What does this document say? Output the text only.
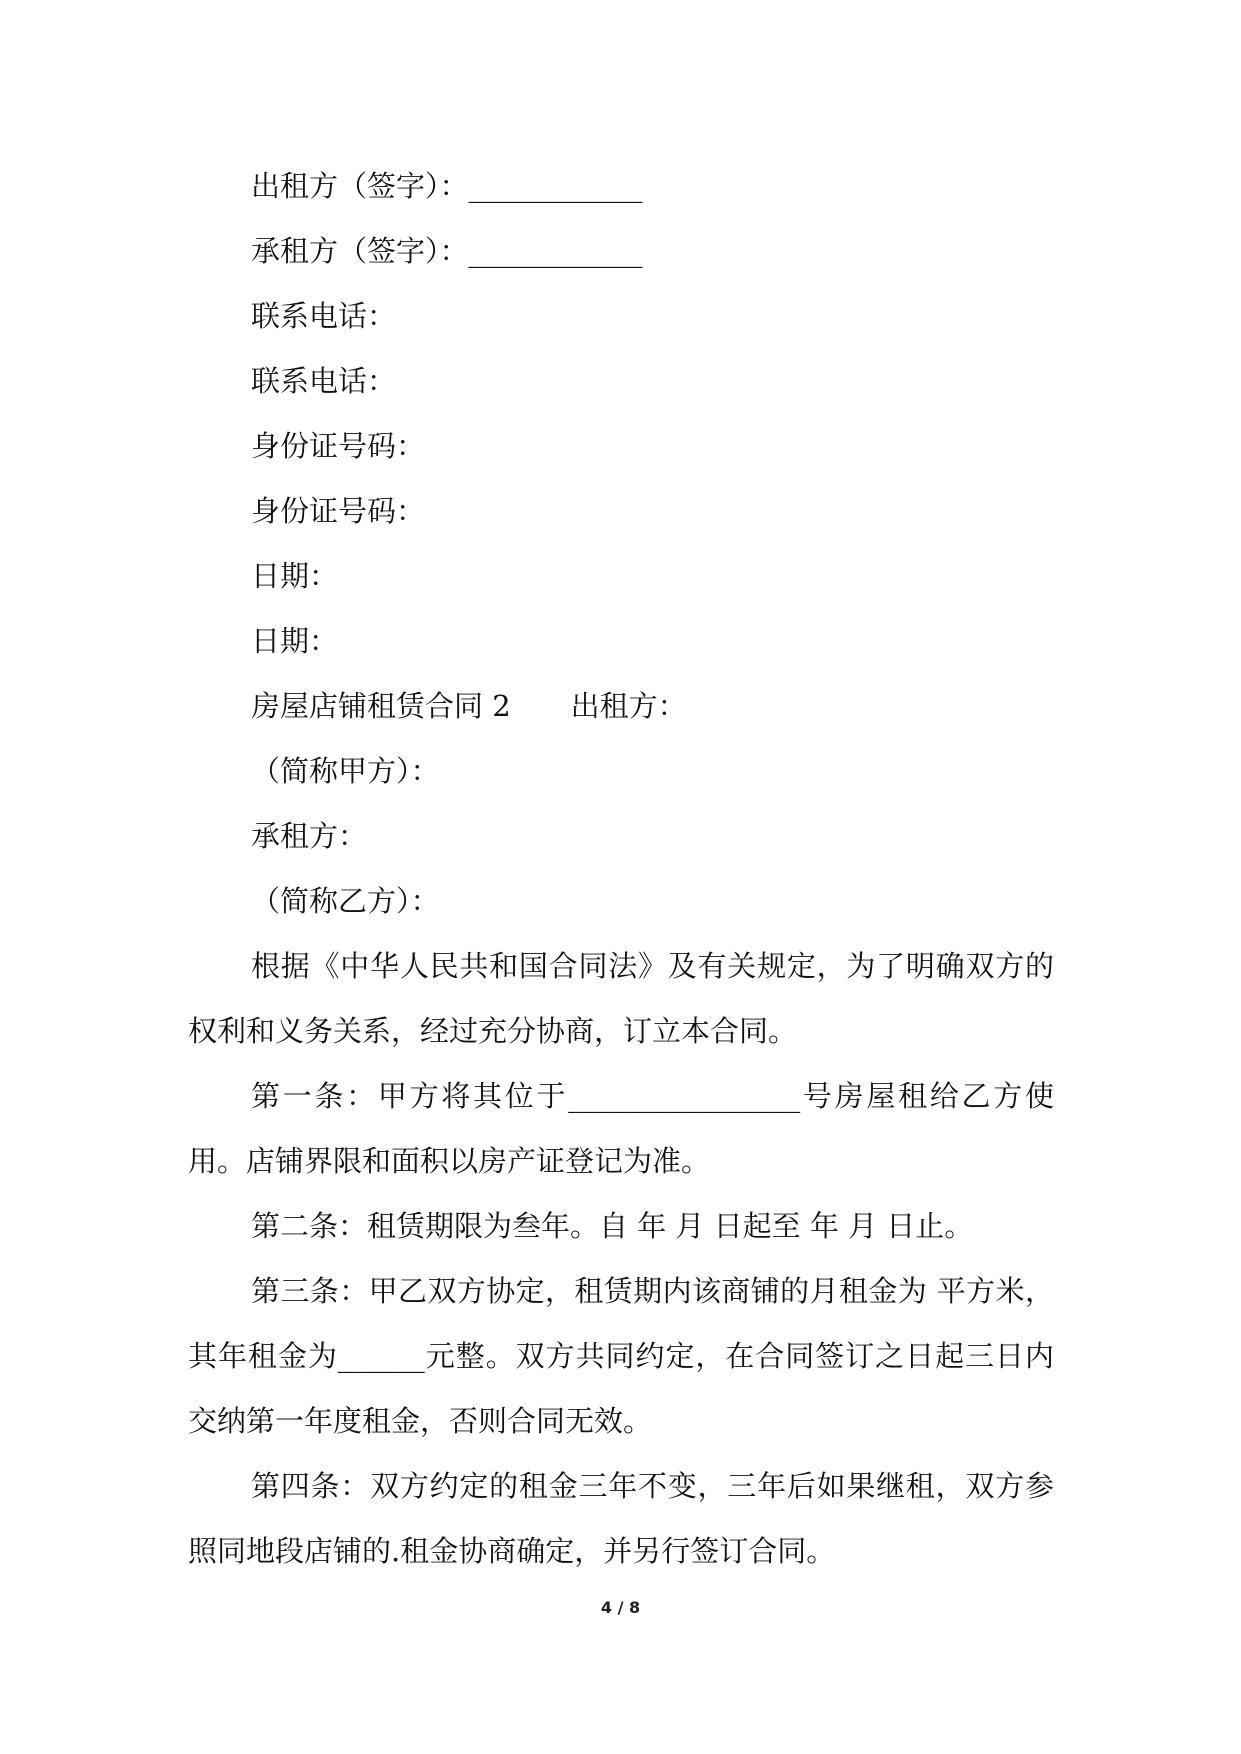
出租方（签字）：____________
承租方（签字）：____________
联系电话：
联系电话：
身份证号码：
身份证号码：
日期：
日期：
房屋店铺租赁合同 2 出租方：
（简称甲方）：
承租方：
（简称乙方）：
根据《中华人民共和国合同法》及有关规定，为了明确双方的权利和义务关系，经过充分协商，订立本合同。
第一条：甲方将其位于________________号房屋租给乙方使用。店铺界限和面积以房产证登记为准。
第二条：租赁期限为叁年。自 年 月 日起至 年 月 日止。
第三条：甲乙双方协定，租赁期内该商铺的月租金为 平方米，其年租金为______元整。双方共同约定，在合同签订之日起三日内交纳第一年度租金，否则合同无效。
第四条：双方约定的租金三年不变，三年后如果继租，双方参照同地段店铺的.租金协商确定，并另行签订合同。
4 / 8
